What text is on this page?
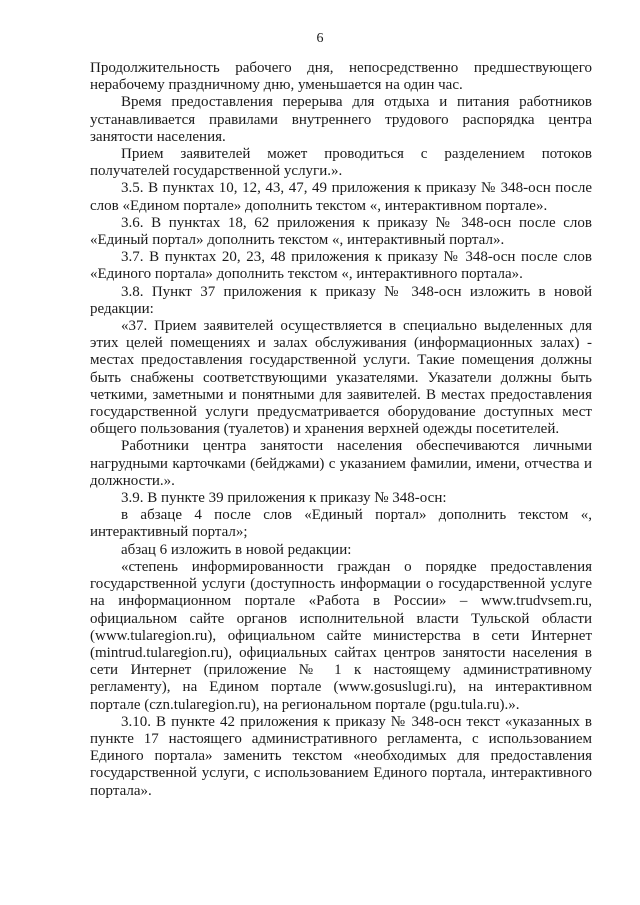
6

Продолжительность рабочего дня, непосредственно предшествующего нерабочему праздничному дню, уменьшается на один час.

Время предоставления перерыва для отдыха и питания работников устанавливается правилами внутреннего трудового распорядка центра занятости населения.

Прием заявителей может проводиться с разделением потоков получателей государственной услуги.».

3.5. В пунктах 10, 12, 43, 47, 49 приложения к приказу № 348-осн после слов «Едином портале» дополнить текстом «, интерактивном портале».

3.6. В пунктах 18, 62 приложения к приказу № 348-осн после слов «Единый портал» дополнить текстом «, интерактивный портал».

3.7. В пунктах 20, 23, 48 приложения к приказу № 348-осн после слов «Единого портала» дополнить текстом «, интерактивного портала».

3.8. Пункт 37 приложения к приказу № 348-осн изложить в новой редакции:

«37. Прием заявителей осуществляется в специально выделенных для этих целей помещениях и залах обслуживания (информационных залах) - местах предоставления государственной услуги. Такие помещения должны быть снабжены соответствующими указателями. Указатели должны быть четкими, заметными и понятными для заявителей. В местах предоставления государственной услуги предусматривается оборудование доступных мест общего пользования (туалетов) и хранения верхней одежды посетителей.

Работники центра занятости населения обеспечиваются личными нагрудными карточками (бейджами) с указанием фамилии, имени, отчества и должности.».

3.9. В пункте 39 приложения к приказу № 348-осн:

в абзаце 4 после слов «Единый портал» дополнить текстом «, интерактивный портал»;

абзац 6 изложить в новой редакции:

«степень информированности граждан о порядке предоставления государственной услуги (доступность информации о государственной услуге на информационном портале «Работа в России» – www.trudvsem.ru, официальном сайте органов исполнительной власти Тульской области (www.tularegion.ru), официальном сайте министерства в сети Интернет (mintrud.tularegion.ru), официальных сайтах центров занятости населения в сети Интернет (приложение № 1 к настоящему административному регламенту), на Едином портале (www.gosuslugi.ru), на интерактивном портале (czn.tularegion.ru), на региональном портале (pgu.tula.ru).».

3.10. В пункте 42 приложения к приказу № 348-осн текст «указанных в пункте 17 настоящего административного регламента, с использованием Единого портала» заменить текстом «необходимых для предоставления государственной услуги, с использованием Единого портала, интерактивного портала».
